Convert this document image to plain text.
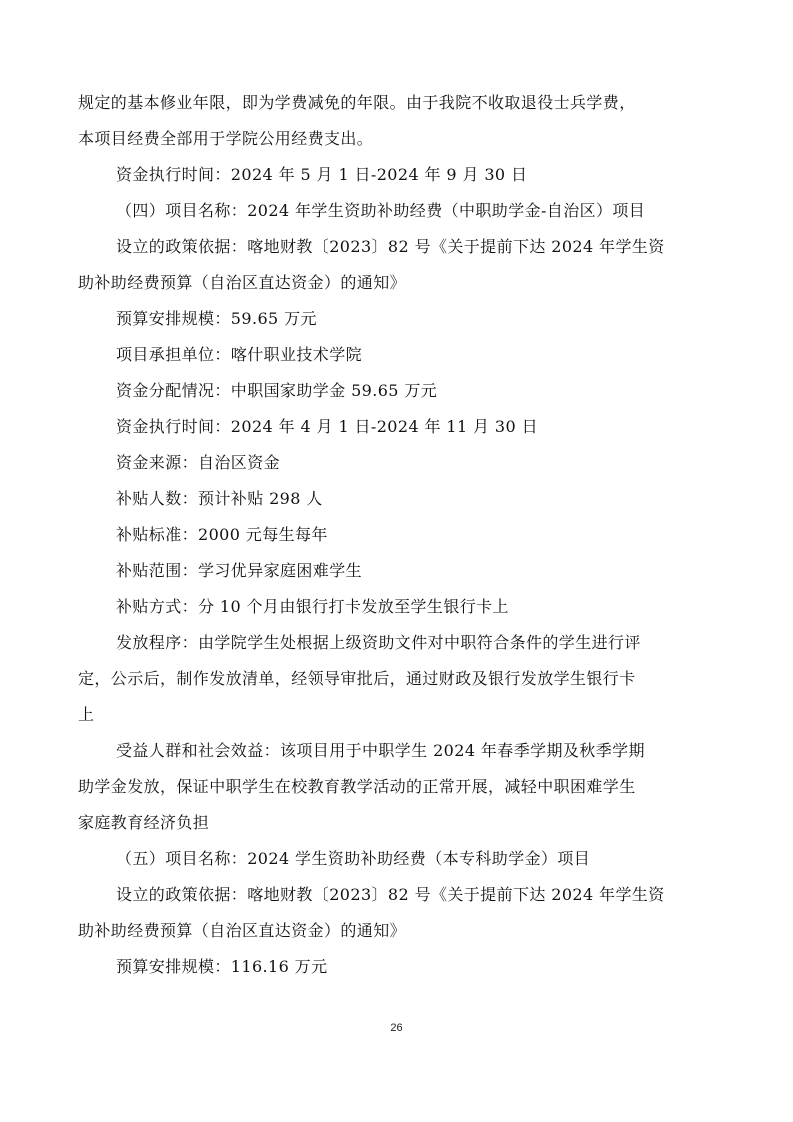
规定的基本修业年限，即为学费减免的年限。由于我院不收取退役士兵学费，
本项目经费全部用于学院公用经费支出。
资金执行时间：2024 年 5 月 1 日-2024 年 9 月 30 日
（四）项目名称：2024 年学生资助补助经费（中职助学金-自治区）项目
设立的政策依据：喀地财教〔2023〕82 号《关于提前下达 2024 年学生资
助补助经费预算（自治区直达资金）的通知》
预算安排规模：59.65 万元
项目承担单位：喀什职业技术学院
资金分配情况：中职国家助学金 59.65 万元
资金执行时间：2024 年 4 月 1 日-2024 年 11 月 30 日
资金来源：自治区资金
补贴人数：预计补贴 298 人
补贴标准：2000 元每生每年
补贴范围：学习优异家庭困难学生
补贴方式：分 10 个月由银行打卡发放至学生银行卡上
发放程序：由学院学生处根据上级资助文件对中职符合条件的学生进行评
定，公示后，制作发放清单，经领导审批后，通过财政及银行发放学生银行卡
上
受益人群和社会效益：该项目用于中职学生 2024 年春季学期及秋季学期
助学金发放，保证中职学生在校教育教学活动的正常开展，减轻中职困难学生
家庭教育经济负担
（五）项目名称：2024 学生资助补助经费（本专科助学金）项目
设立的政策依据：喀地财教〔2023〕82 号《关于提前下达 2024 年学生资
助补助经费预算（自治区直达资金）的通知》
预算安排规模：116.16 万元
26
